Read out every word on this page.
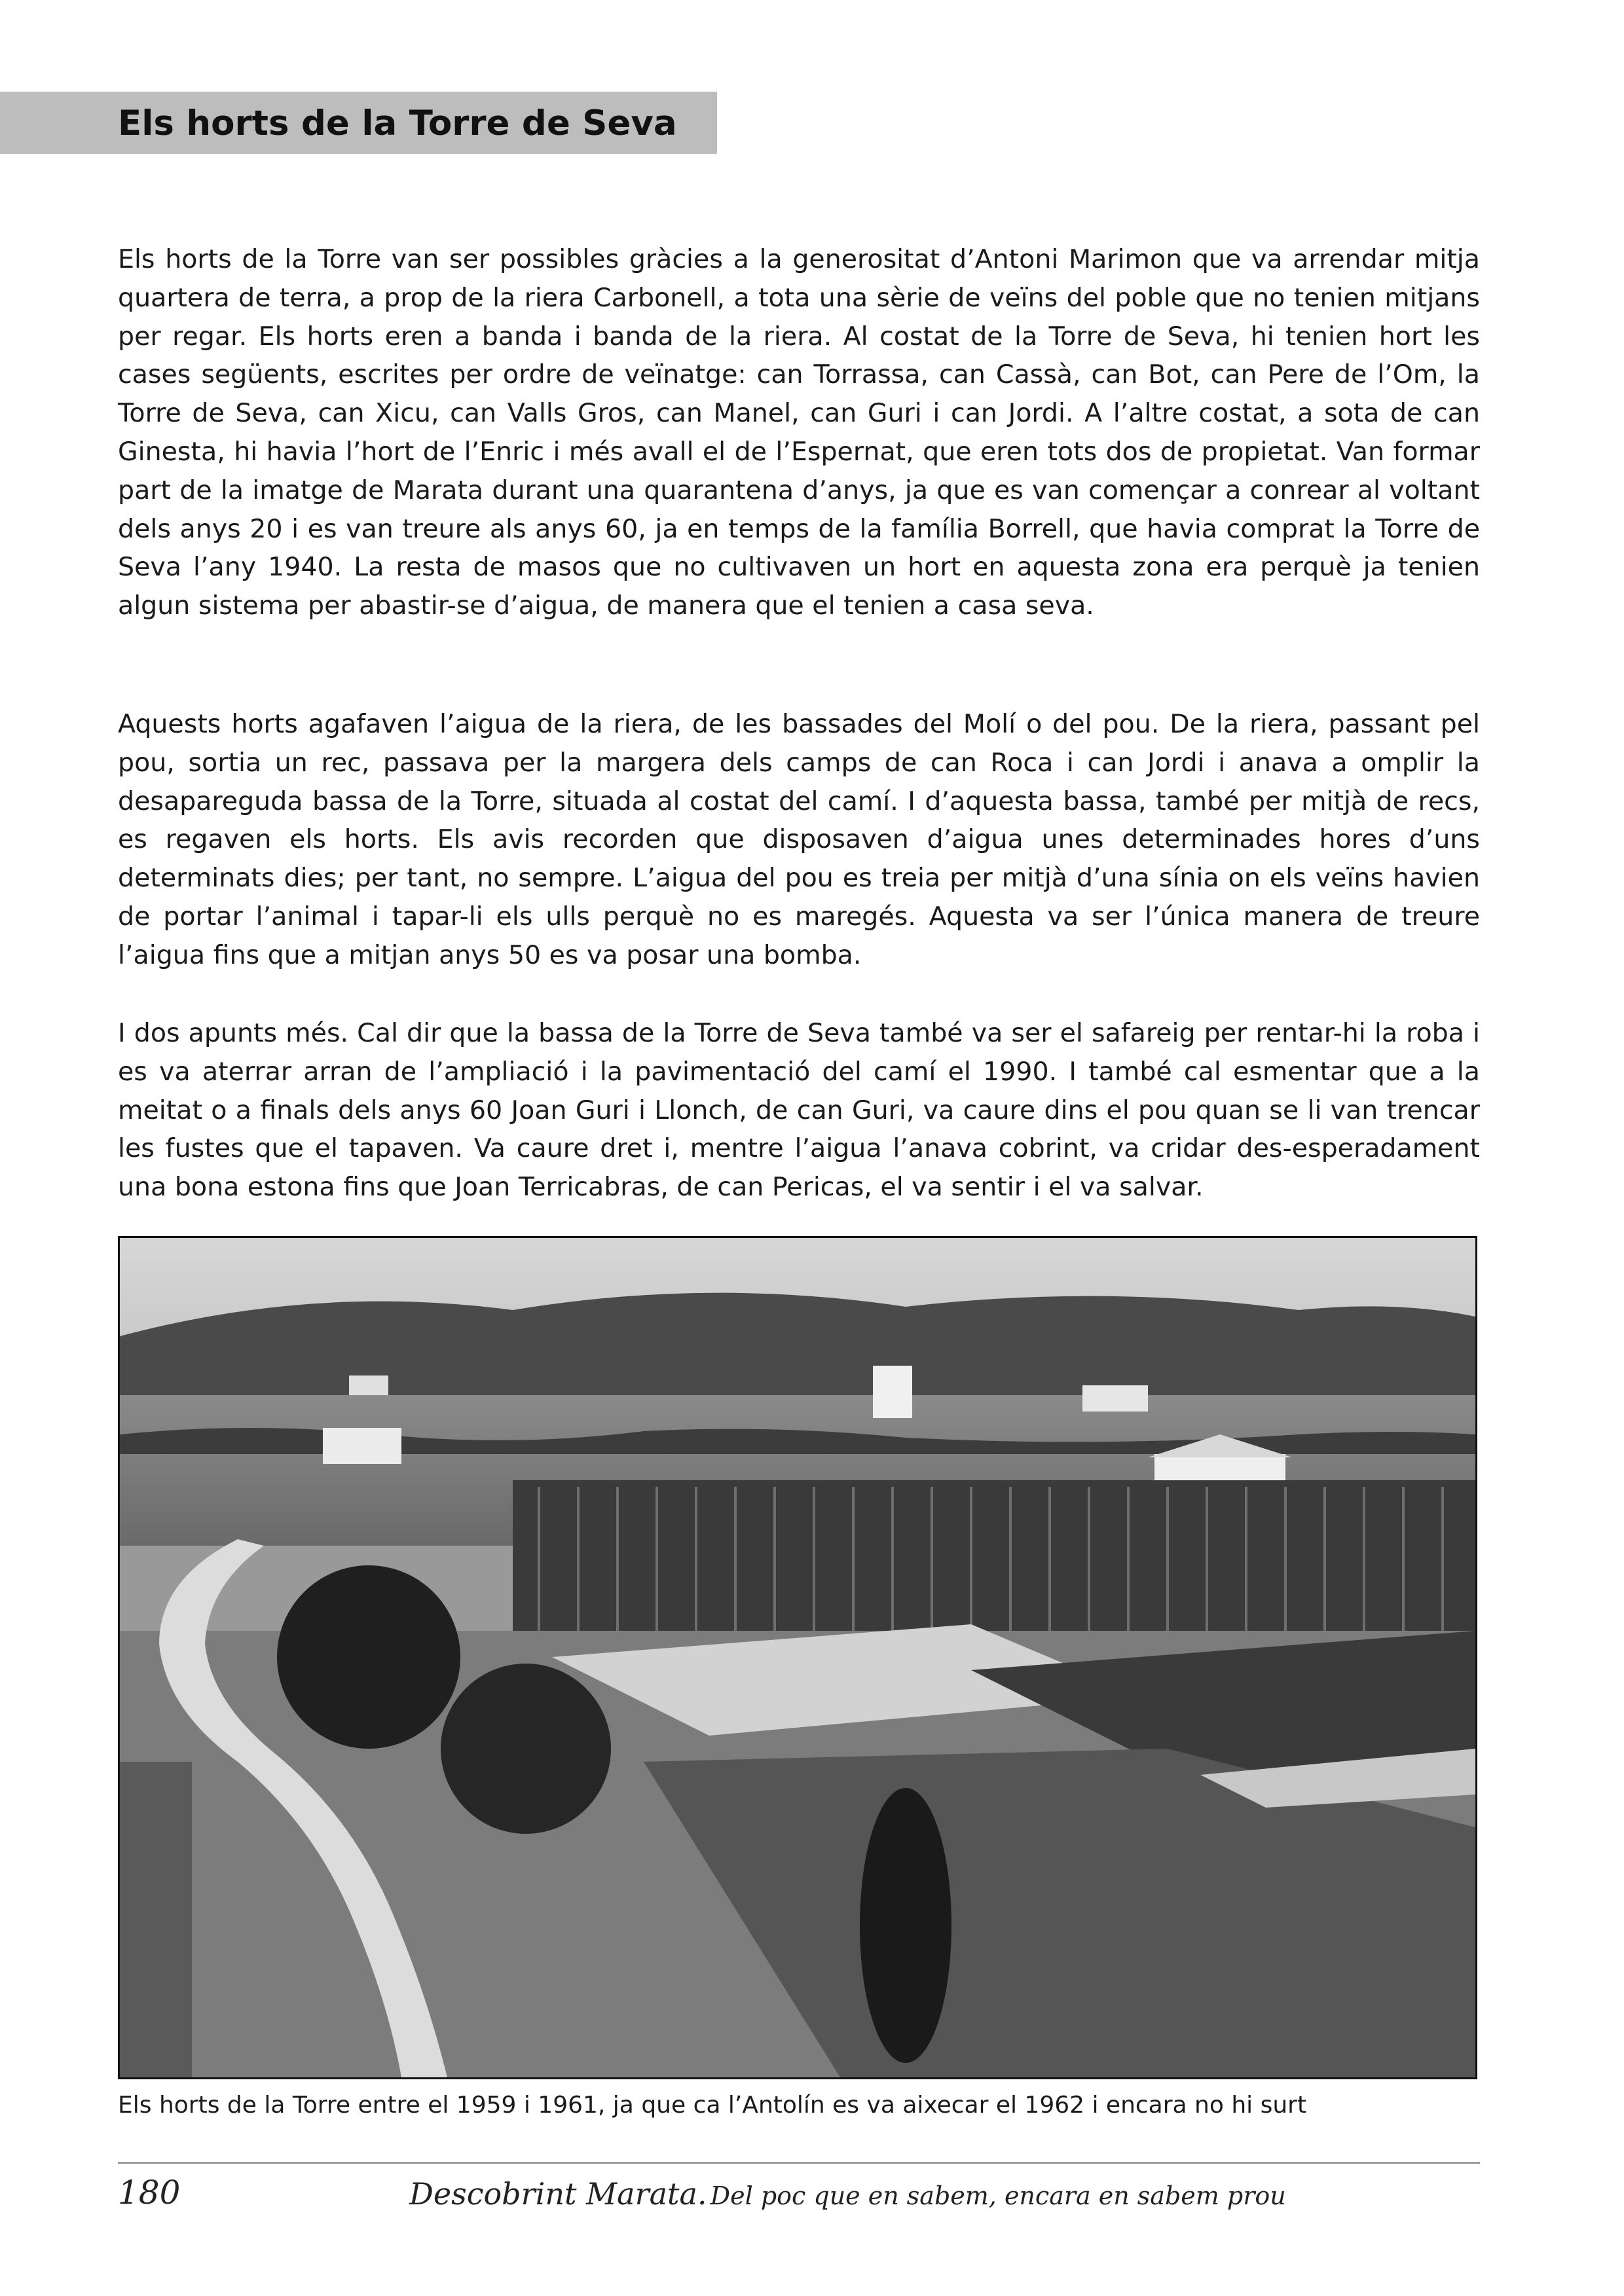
Els horts de la Torre de Seva

Els horts de la Torre van ser possibles gràcies a la generositat d’Antoni Marimon que va arrendar mitja quartera de terra, a prop de la riera Carbonell, a tota una sèrie de veïns del poble que no tenien mitjans per regar. Els horts eren a banda i banda de la riera. Al costat de la Torre de Seva, hi tenien hort les cases següents, escrites per ordre de veïnatge: can Torrassa, can Cassà, can Bot, can Pere de l’Om, la Torre de Seva, can Xicu, can Valls Gros, can Manel, can Guri i can Jordi. A l’altre costat, a sota de can Ginesta, hi havia l’hort de l’Enric i més avall el de l’Espernat, que eren tots dos de propietat. Van formar part de la imatge de Marata durant una quarantena d’anys, ja que es van començar a conrear al voltant dels anys 20 i es van treure als anys 60, ja en temps de la família Borrell, que havia comprat la Torre de Seva l’any 1940. La resta de masos que no cultivaven un hort en aquesta zona era perquè ja tenien algun sistema per abastir-se d’aigua, de manera que el tenien a casa seva.

Aquests horts agafaven l’aigua de la riera, de les bassades del Molí o del pou. De la riera, passant pel pou, sortia un rec, passava per la margera dels camps de can Roca i can Jordi i anava a omplir la desapareguda bassa de la Torre, situada al costat del camí. I d’aquesta bassa, també per mitjà de recs, es regaven els horts. Els avis recorden que disposaven d’aigua unes determinades hores d’uns determinats dies; per tant, no sempre. L’aigua del pou es treia per mitjà d’una sínia on els veïns havien de portar l’animal i tapar-li els ulls perquè no es maregés. Aquesta va ser l’única manera de treure l’aigua fins que a mitjan anys 50 es va posar una bomba.

I dos apunts més. Cal dir que la bassa de la Torre de Seva també va ser el safareig per rentar-hi la roba i es va aterrar arran de l’ampliació i la pavimentació del camí el 1990. I també cal esmentar que a la meitat o a finals dels anys 60 Joan Guri i Llonch, de can Guri, va caure dins el pou quan se li van trencar les fustes que el tapaven. Va caure dret i, mentre l’aigua l’anava cobrint, va cridar des-esperadament una bona estona fins que Joan Terricabras, de can Pericas, el va sentir i el va salvar.

Els horts de la Torre entre el 1959 i 1961, ja que ca l’Antolín es va aixecar el 1962 i encara no hi surt
180	Descobrint Marata. Del poc que en sabem, encara en sabem prou
